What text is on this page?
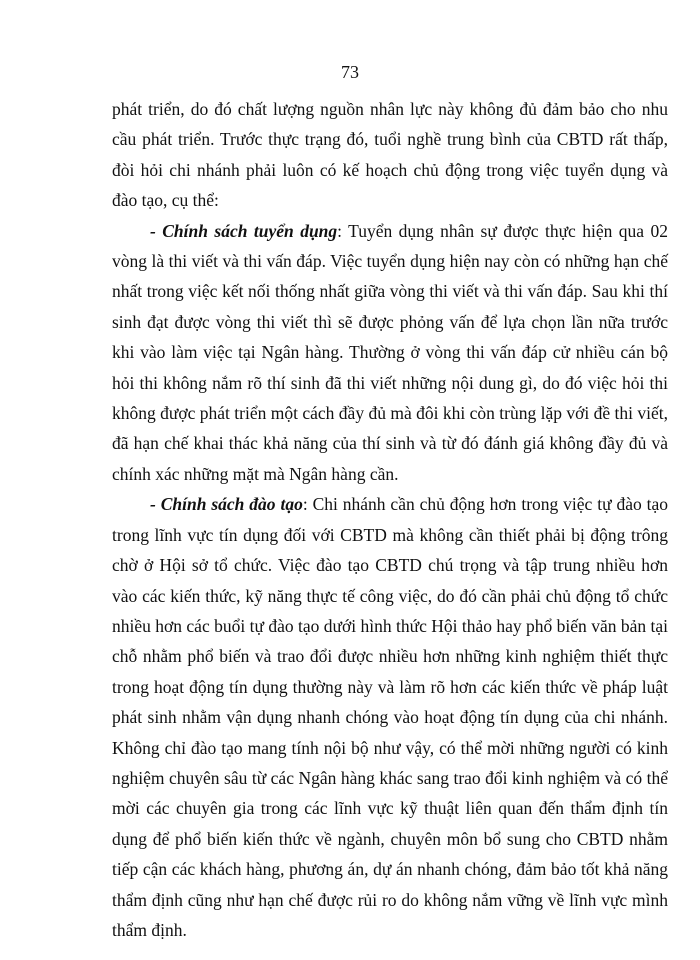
73

phát triển, do đó chất lượng nguồn nhân lực này không đủ đảm bảo cho nhu cầu phát triển. Trước thực trạng đó, tuổi nghề trung bình của CBTD rất thấp, đòi hỏi chi nhánh phải luôn có kế hoạch chủ động trong việc tuyển dụng và đào tạo, cụ thể:

- Chính sách tuyển dụng: Tuyển dụng nhân sự được thực hiện qua 02 vòng là thi viết và thi vấn đáp. Việc tuyển dụng hiện nay còn có những hạn chế nhất trong việc kết nối thống nhất giữa vòng thi viết và thi vấn đáp. Sau khi thí sinh đạt được vòng thi viết thì sẽ được phỏng vấn để lựa chọn lần nữa trước khi vào làm việc tại Ngân hàng. Thường ở vòng thi vấn đáp cử nhiều cán bộ hỏi thi không nắm rõ thí sinh đã thi viết những nội dung gì, do đó việc hỏi thi không được phát triển một cách đầy đủ mà đôi khi còn trùng lặp với đề thi viết, đã hạn chế khai thác khả năng của thí sinh và từ đó đánh giá không đầy đủ và chính xác những mặt mà Ngân hàng cần.

- Chính sách đào tạo: Chi nhánh cần chủ động hơn trong việc tự đào tạo trong lĩnh vực tín dụng đối với CBTD mà không cần thiết phải bị động trông chờ ở Hội sở tổ chức. Việc đào tạo CBTD chú trọng và tập trung nhiều hơn vào các kiến thức, kỹ năng thực tế công việc, do đó cần phải chủ động tổ chức nhiều hơn các buổi tự đào tạo dưới hình thức Hội thảo hay phổ biến văn bản tại chỗ nhằm phổ biến và trao đổi được nhiều hơn những kinh nghiệm thiết thực trong hoạt động tín dụng thường này và làm rõ hơn các kiến thức về pháp luật phát sinh nhằm vận dụng nhanh chóng vào hoạt động tín dụng của chi nhánh. Không chỉ đào tạo mang tính nội bộ như vậy, có thể mời những người có kinh nghiệm chuyên sâu từ các Ngân hàng khác sang trao đổi kinh nghiệm và có thể mời các chuyên gia trong các lĩnh vực kỹ thuật liên quan đến thẩm định tín dụng để phổ biến kiến thức về ngành, chuyên môn bổ sung cho CBTD nhằm tiếp cận các khách hàng, phương án, dự án nhanh chóng, đảm bảo tốt khả năng thẩm định cũng như hạn chế được rủi ro do không nắm vững về lĩnh vực mình thẩm định.
